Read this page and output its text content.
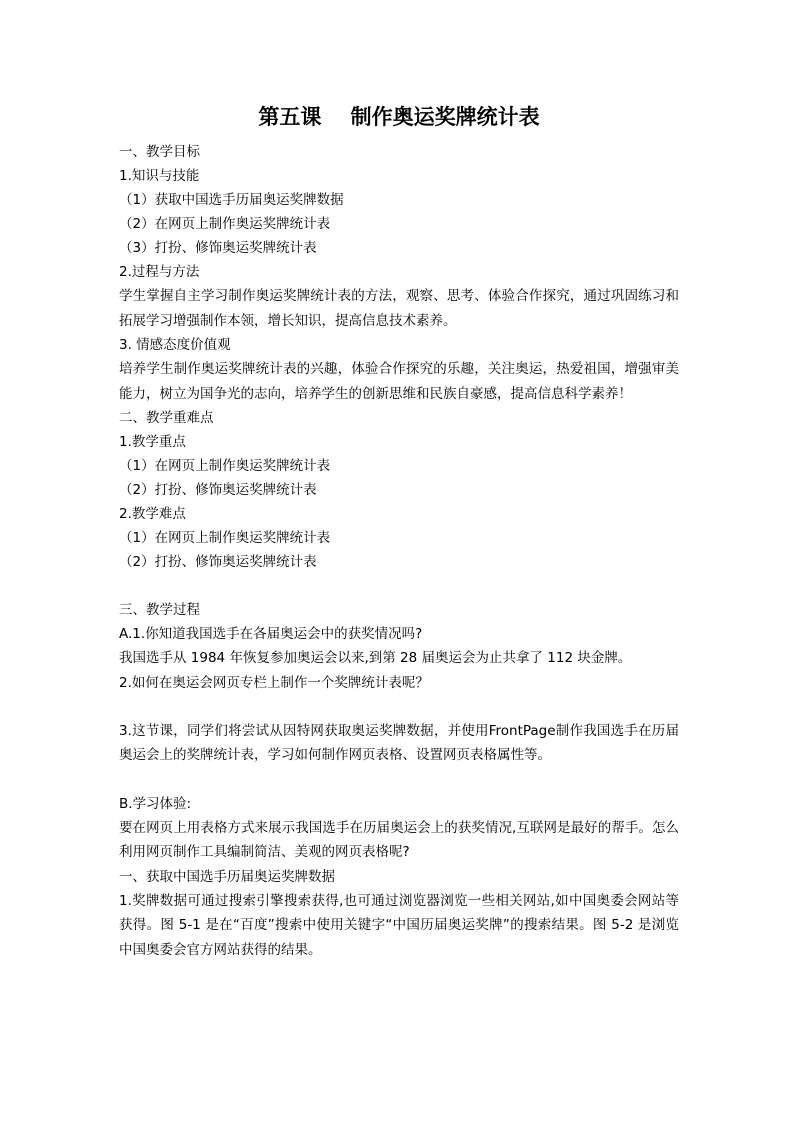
第五课    制作奥运奖牌统计表

一、教学目标

1.知识与技能

（1）获取中国选手历届奥运奖牌数据

（2）在网页上制作奥运奖牌统计表

（3）打扮、修饰奥运奖牌统计表

2.过程与方法

学生掌握自主学习制作奥运奖牌统计表的方法，观察、思考、体验合作探究，通过巩固练习和拓展学习增强制作本领，增长知识，提高信息技术素养。

3. 情感态度价值观

培养学生制作奥运奖牌统计表的兴趣，体验合作探究的乐趣，关注奥运，热爱祖国，增强审美能力，树立为国争光的志向，培养学生的创新思维和民族自豪感，提高信息科学素养！

二、教学重难点

1.教学重点

（1）在网页上制作奥运奖牌统计表

（2）打扮、修饰奥运奖牌统计表

2.教学难点

（1）在网页上制作奥运奖牌统计表

（2）打扮、修饰奥运奖牌统计表

三、教学过程

A.1.你知道我国选手在各届奥运会中的获奖情况吗?

我国选手从 1984 年恢复参加奥运会以来,到第 28 届奥运会为止共拿了 112 块金牌。

2.如何在奥运会网页专栏上制作一个奖牌统计表呢？

3.这节课，同学们将尝试从因特网获取奥运奖牌数据，并使用FrontPage制作我国选手在历届奥运会上的奖牌统计表，学习如何制作网页表格、设置网页表格属性等。

B.学习体验:

要在网页上用表格方式来展示我国选手在历届奥运会上的获奖情况,互联网是最好的帮手。怎么利用网页制作工具编制简洁、美观的网页表格呢?

一、获取中国选手历届奥运奖牌数据

1.奖牌数据可通过搜索引擎搜索获得,也可通过浏览器浏览一些相关网站,如中国奥委会网站等获得。图 5-1 是在“百度”搜索中使用关键字“中国历届奥运奖牌”的搜索结果。图 5-2 是浏览中国奥委会官方网站获得的结果。
